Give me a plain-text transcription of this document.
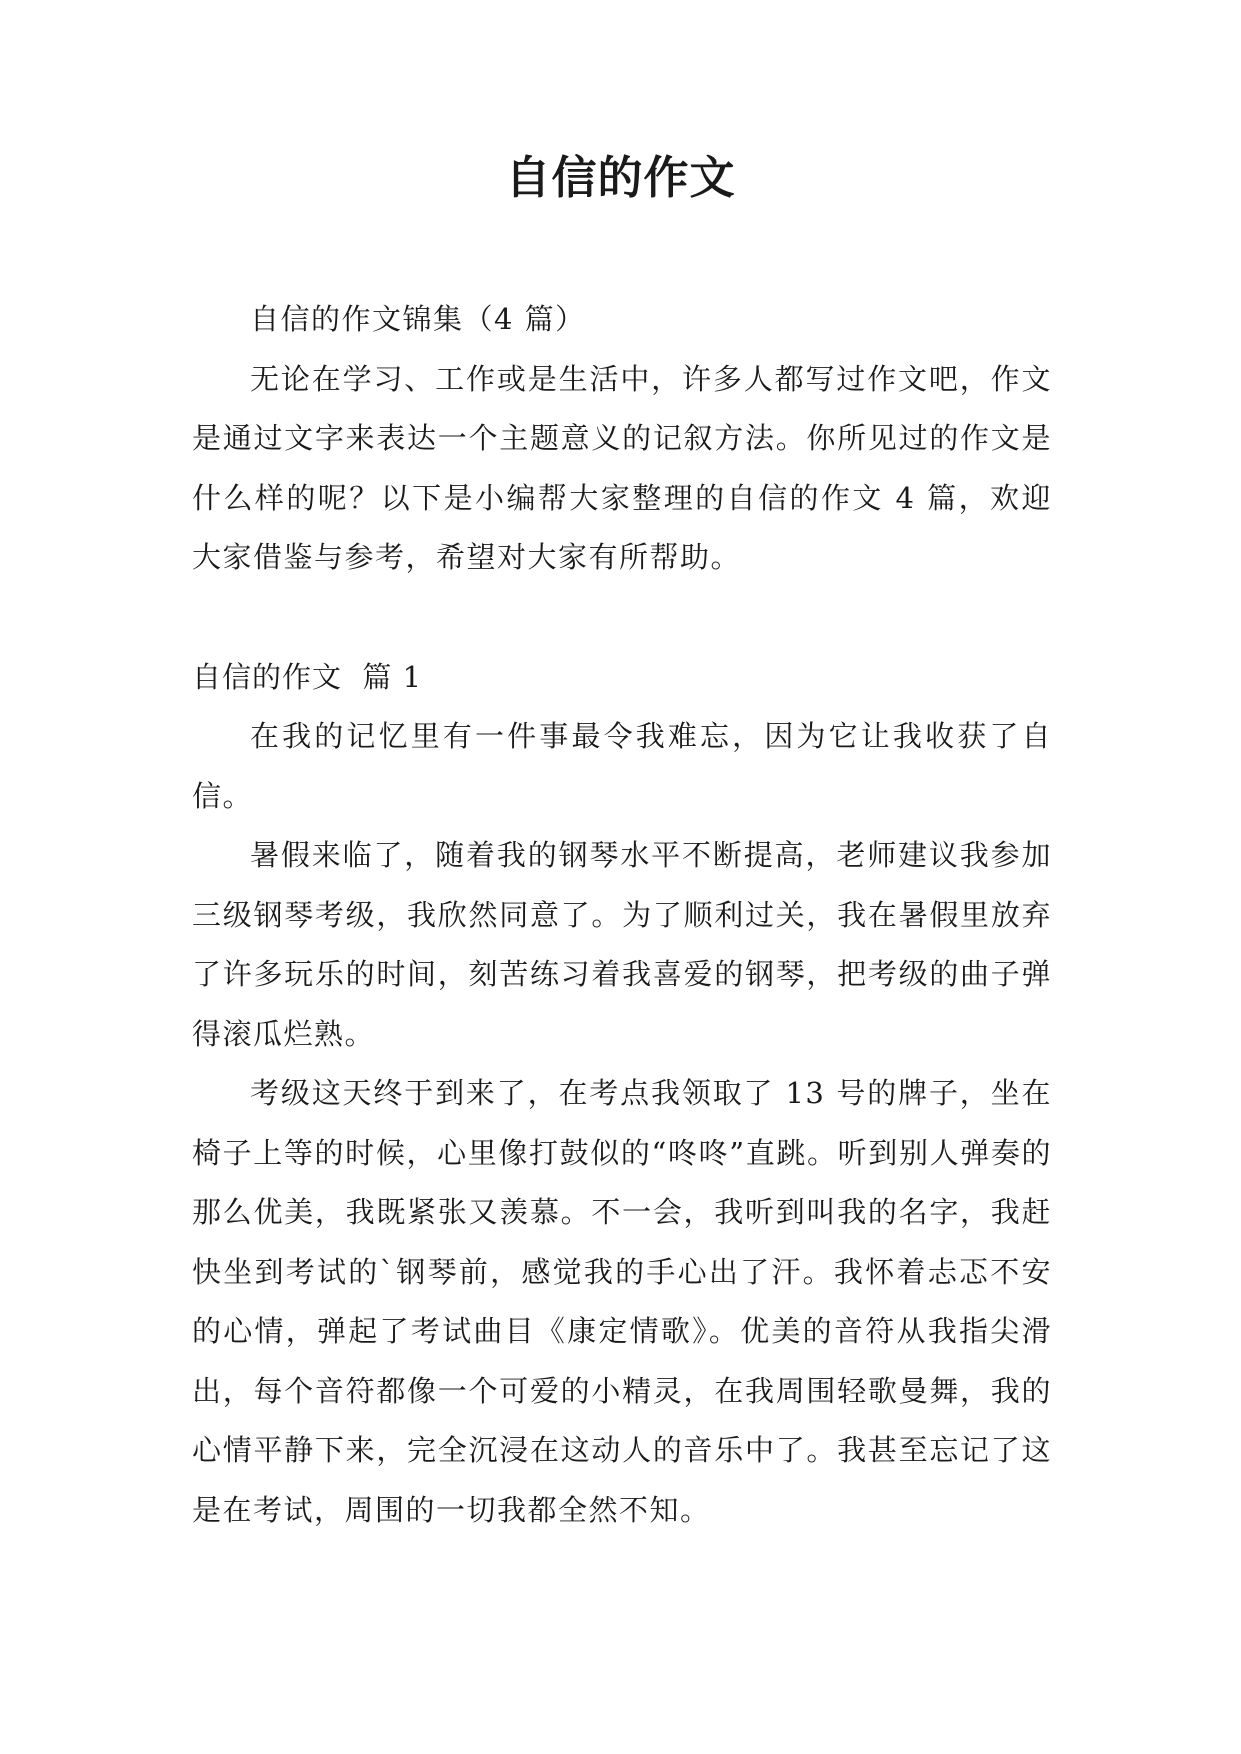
自信的作文

自信的作文锦集（4 篇）

无论在学习、工作或是生活中，许多人都写过作文吧，作文是通过文字来表达一个主题意义的记叙方法。你所见过的作文是什么样的呢？以下是小编帮大家整理的自信的作文 4 篇，欢迎大家借鉴与参考，希望对大家有所帮助。

自信的作文  篇 1

在我的记忆里有一件事最令我难忘，因为它让我收获了自信。

暑假来临了，随着我的钢琴水平不断提高，老师建议我参加三级钢琴考级，我欣然同意了。为了顺利过关，我在暑假里放弃了许多玩乐的时间，刻苦练习着我喜爱的钢琴，把考级的曲子弹得滚瓜烂熟。

考级这天终于到来了，在考点我领取了 13 号的牌子，坐在椅子上等的时候，心里像打鼓似的“咚咚”直跳。听到别人弹奏的那么优美，我既紧张又羡慕。不一会，我听到叫我的名字，我赶快坐到考试的`钢琴前，感觉我的手心出了汗。我怀着忐忑不安的心情，弹起了考试曲目《康定情歌》。优美的音符从我指尖滑出，每个音符都像一个可爱的小精灵，在我周围轻歌曼舞，我的心情平静下来，完全沉浸在这动人的音乐中了。我甚至忘记了这是在考试，周围的一切我都全然不知。
